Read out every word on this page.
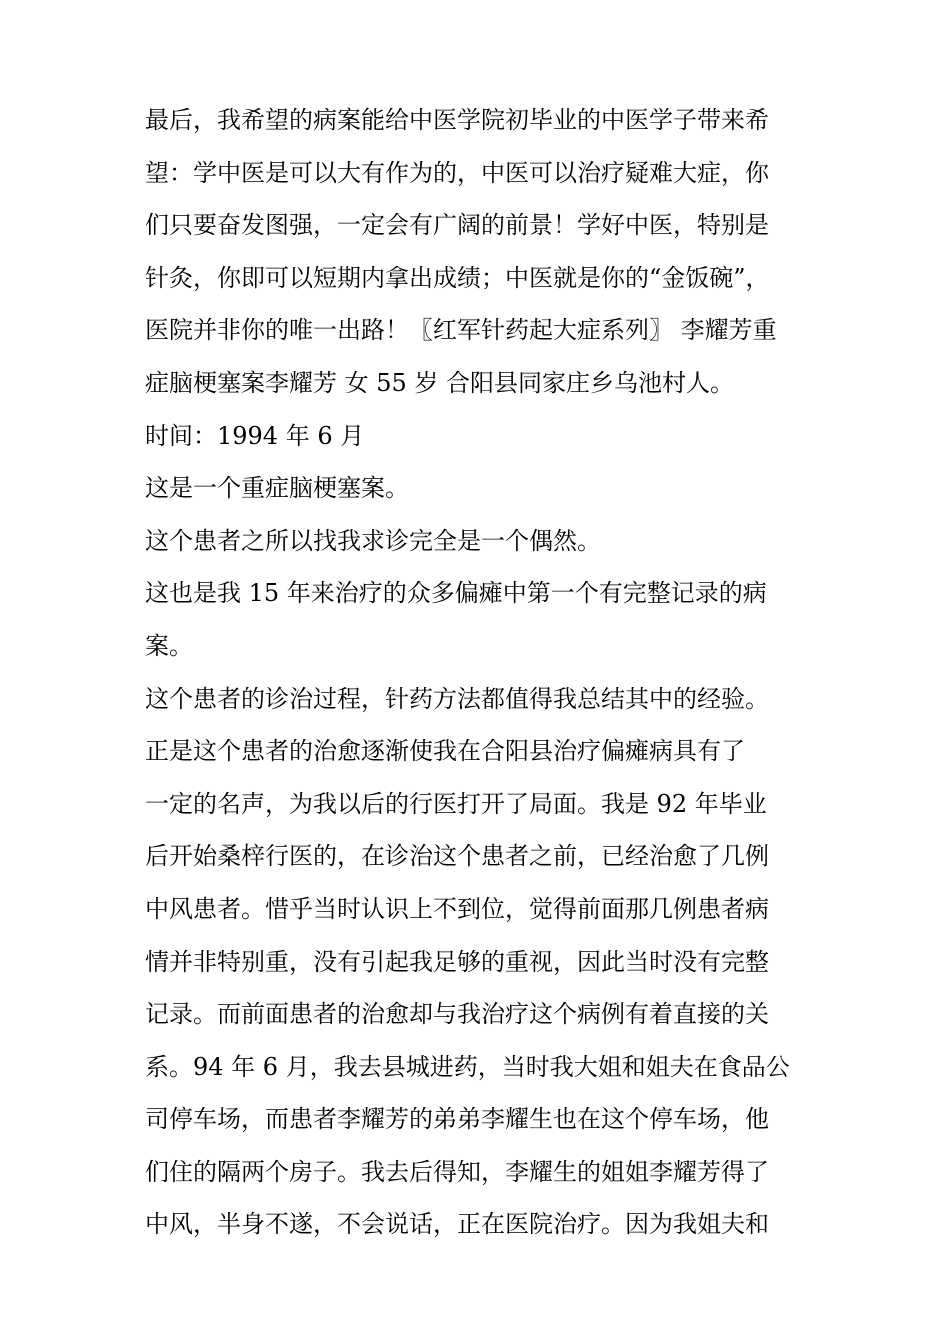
最后，我希望的病案能给中医学院初毕业的中医学子带来希
望：学中医是可以大有作为的，中医可以治疗疑难大症，你
们只要奋发图强，一定会有广阔的前景！学好中医，特别是
针灸，你即可以短期内拿出成绩；中医就是你的“金饭碗”，
医院并非你的唯一出路！〖红军针药起大症系列〗 李耀芳重
症脑梗塞案李耀芳 女 55 岁 合阳县同家庄乡乌池村人。
时间：1994 年 6 月
这是一个重症脑梗塞案。
这个患者之所以找我求诊完全是一个偶然。
这也是我 15 年来治疗的众多偏瘫中第一个有完整记录的病
案。
这个患者的诊治过程，针药方法都值得我总结其中的经验。
正是这个患者的治愈逐渐使我在合阳县治疗偏瘫病具有了
一定的名声，为我以后的行医打开了局面。我是 92 年毕业
后开始桑梓行医的，在诊治这个患者之前，已经治愈了几例
中风患者。惜乎当时认识上不到位，觉得前面那几例患者病
情并非特别重，没有引起我足够的重视，因此当时没有完整
记录。而前面患者的治愈却与我治疗这个病例有着直接的关
系。94 年 6 月，我去县城进药，当时我大姐和姐夫在食品公
司停车场，而患者李耀芳的弟弟李耀生也在这个停车场，他
们住的隔两个房子。我去后得知，李耀生的姐姐李耀芳得了
中风，半身不遂，不会说话，正在医院治疗。因为我姐夫和
